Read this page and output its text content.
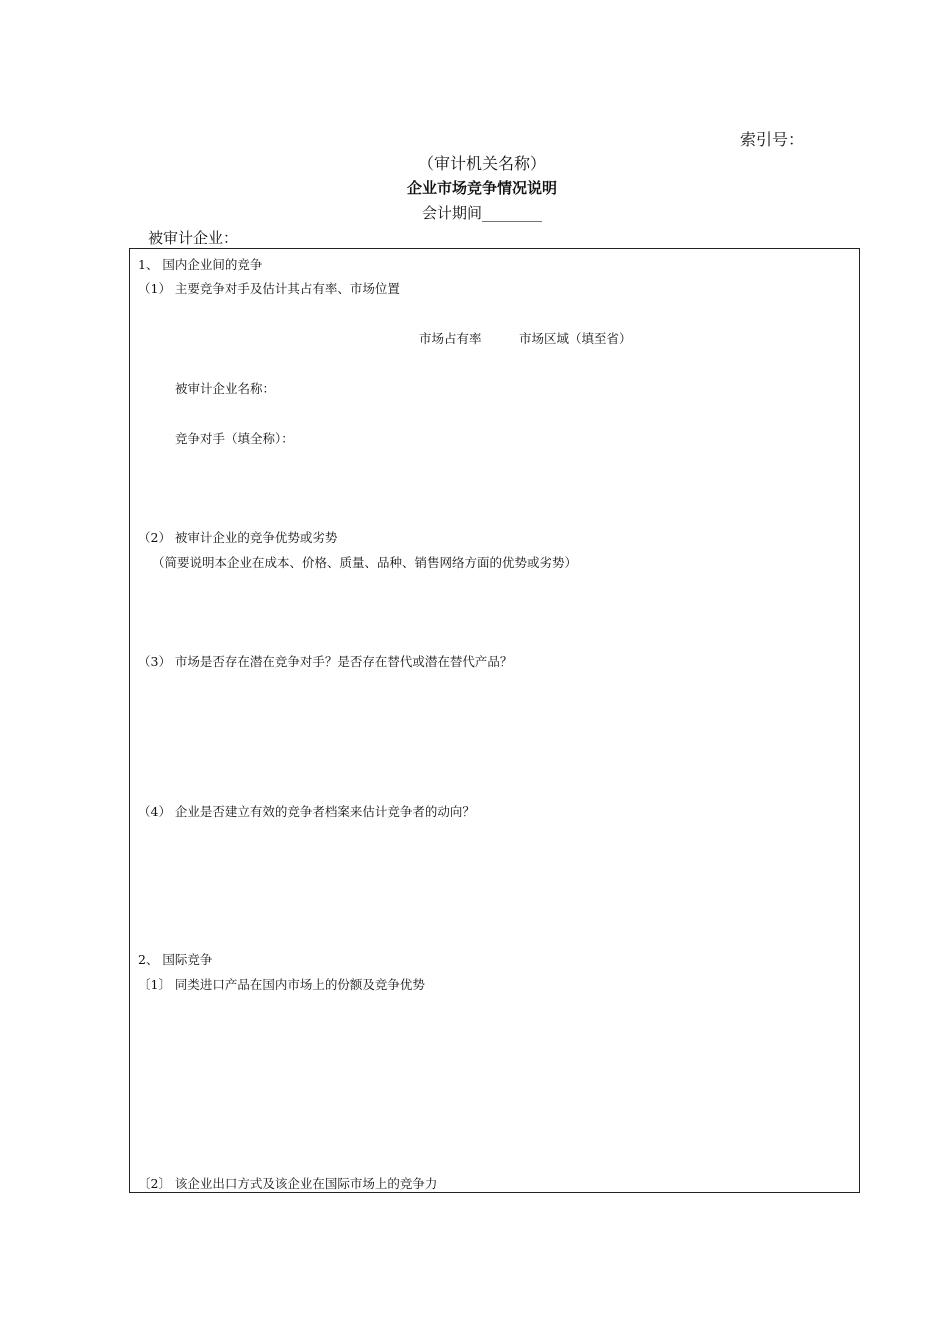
索引号：
（审计机关名称）
企业市场竞争情况说明
会计期间________
被审计企业：
1、 国内企业间的竞争
（1） 主要竞争对手及估计其占有率、市场位置
市场占有率	市场区域（填至省）
被审计企业名称：
竞争对手（填全称）：
（2） 被审计企业的竞争优势或劣势
（简要说明本企业在成本、价格、质量、品种、销售网络方面的优势或劣势）
（3） 市场是否存在潜在竞争对手？是否存在替代或潜在替代产品？
（4） 企业是否建立有效的竞争者档案来估计竞争者的动向？
2、 国际竞争
〔1〕 同类进口产品在国内市场上的份额及竞争优势
〔2〕 该企业出口方式及该企业在国际市场上的竞争力
